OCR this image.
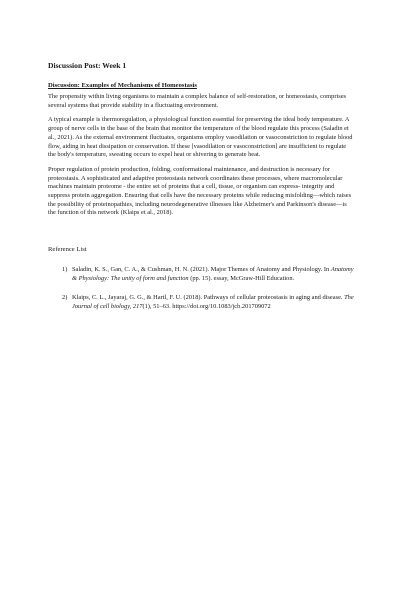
Discussion Post: Week 1
Discussion: Examples of Mechanisms of Homeostasis

The propensity within living organisms to maintain a complex balance of self-restoration, or homeostasis, comprises several systems that provide stability in a fluctuating environment.

A typical example is thermoregulation, a physiological function essential for preserving the ideal body temperature. A group of nerve cells in the base of the brain that monitor the temperature of the blood regulate this process (Saladin et al., 2021). As the external environment fluctuates, organisms employ vasodilation or vasoconstriction to regulate blood flow, aiding in heat dissipation or conservation. If these [vasodilation or vasoconstriction] are insufficient to regulate the body's temperature, sweating occurs to expel heat or shivering to generate heat.

Proper regulation of protein production, folding, conformational maintenance, and destruction is necessary for proteostasis. A sophisticated and adaptive proteostasis network coordinates these processes, where macromolecular machines maintain proteome - the entire set of proteins that a cell, tissue, or organism can express- integrity and suppress protein aggregation. Ensuring that cells have the necessary proteins while reducing misfolding—which raises the possibility of proteinopathies, including neurodegenerative illnesses like Alzheimer's and Parkinson's disease—is the function of this network (Klaips et al., 2018).

Reference List
1) Saladin, K. S., Gan, C. A., & Cushman, H. N. (2021). Major Themes of Anatomy and Physiology. In Anatomy & Physiology: The unity of form and function (pp. 15). essay, McGraw-Hill Education.
2) Klaips, C. L., Jayaraj, G. G., & Hartl, F. U. (2018). Pathways of cellular proteostasis in aging and disease. The Journal of cell biology, 217(1), 51–63. https://doi.org/10.1083/jcb.201709072
